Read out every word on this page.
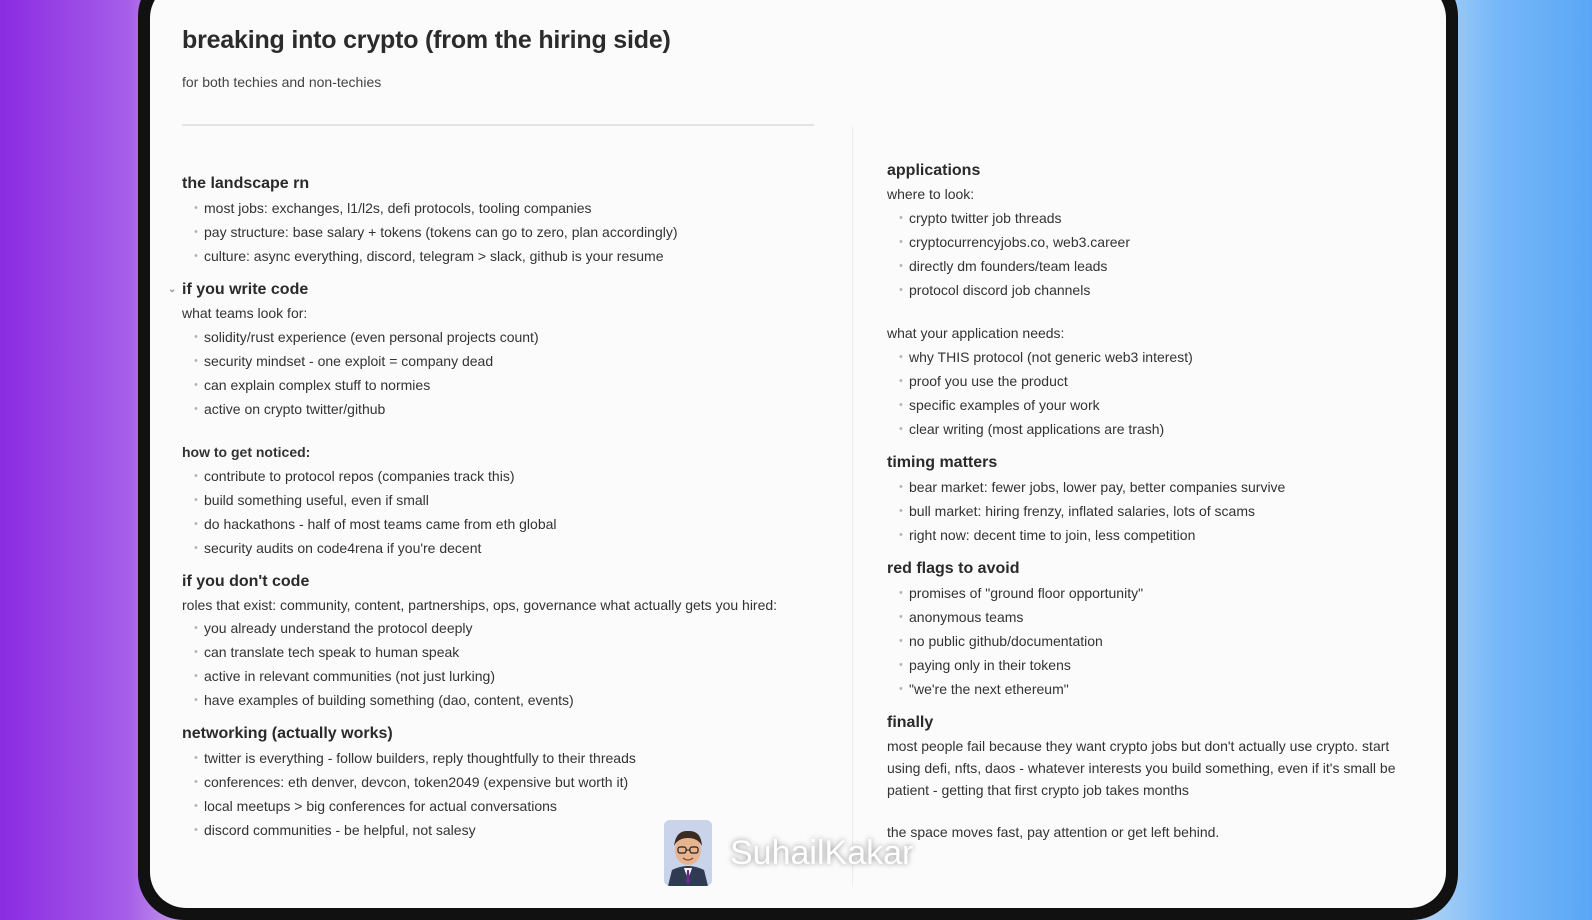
breaking into crypto (from the hiring side)

for both techies and non-techies

the landscape rn
• most jobs: exchanges, l1/l2s, defi protocols, tooling companies
• pay structure: base salary + tokens (tokens can go to zero, plan accordingly)
• culture: async everything, discord, telegram > slack, github is your resume
⌄ if you write code

what teams look for:

• solidity/rust experience (even personal projects count)
• security mindset - one exploit = company dead
• can explain complex stuff to normies
• active on crypto twitter/github

how to get noticed:

• contribute to protocol repos (companies track this)
• build something useful, even if small
• do hackathons - half of most teams came from eth global
• security audits on code4rena if you're decent
if you don't code

roles that exist: community, content, partnerships, ops, governance what actually gets you hired:

• you already understand the protocol deeply
• can translate tech speak to human speak
• active in relevant communities (not just lurking)
• have examples of building something (dao, content, events)
networking (actually works)
• twitter is everything - follow builders, reply thoughtfully to their threads
• conferences: eth denver, devcon, token2049 (expensive but worth it)
• local meetups > big conferences for actual conversations
• discord communities - be helpful, not salesy
applications

where to look:

• crypto twitter job threads
• cryptocurrencyjobs.co, web3.career
• directly dm founders/team leads
• protocol discord job channels

what your application needs:

• why THIS protocol (not generic web3 interest)
• proof you use the product
• specific examples of your work
• clear writing (most applications are trash)
timing matters
• bear market: fewer jobs, lower pay, better companies survive
• bull market: hiring frenzy, inflated salaries, lots of scams
• right now: decent time to join, less competition
red flags to avoid
• promises of "ground floor opportunity"
• anonymous teams
• no public github/documentation
• paying only in their tokens
• "we're the next ethereum"
finally

most people fail because they want crypto jobs but don't actually use crypto. start using defi, nfts, daos - whatever interests you build something, even if it's small be patient - getting that first crypto job takes months

the space moves fast, pay attention or get left behind.

SuhailKakar
